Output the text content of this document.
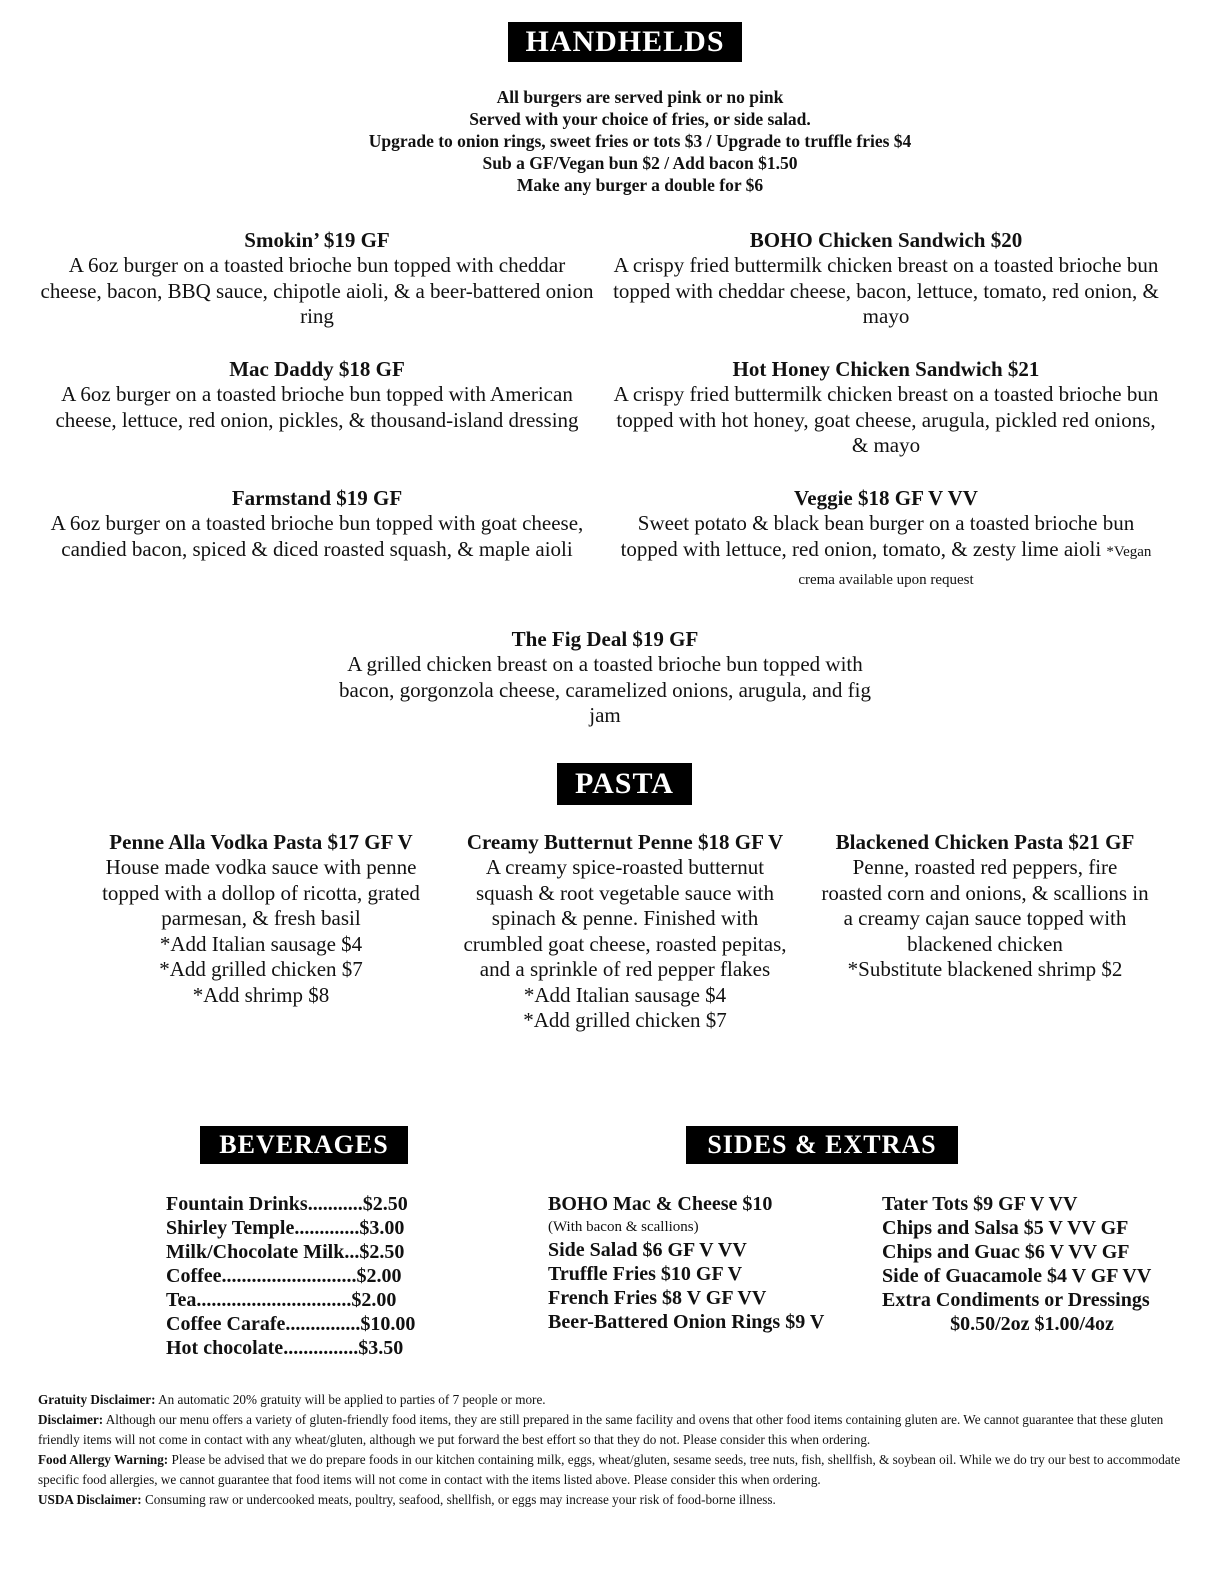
HANDHELDS
All burgers are served pink or no pink
Served with your choice of fries, or side salad.
Upgrade to onion rings, sweet fries or tots $3 / Upgrade to truffle fries $4
Sub a GF/Vegan bun $2 / Add bacon $1.50
Make any burger a double for $6
Smokin’ $19 GF
A 6oz burger on a toasted brioche bun topped with cheddar cheese, bacon, BBQ sauce, chipotle aioli, & a beer-battered onion ring
BOHO Chicken Sandwich $20
A crispy fried buttermilk chicken breast on a toasted brioche bun topped with cheddar cheese, bacon, lettuce, tomato, red onion, & mayo
Mac Daddy $18 GF
A 6oz burger on a toasted brioche bun topped with American cheese, lettuce, red onion, pickles, & thousand-island dressing
Hot Honey Chicken Sandwich $21
A crispy fried buttermilk chicken breast on a toasted brioche bun topped with hot honey, goat cheese, arugula, pickled red onions, & mayo
Farmstand $19 GF
A 6oz burger on a toasted brioche bun topped with goat cheese, candied bacon, spiced & diced roasted squash, & maple aioli
Veggie $18 GF V VV
Sweet potato & black bean burger on a toasted brioche bun topped with lettuce, red onion, tomato, & zesty lime aioli *Vegan crema available upon request
The Fig Deal $19 GF
A grilled chicken breast on a toasted brioche bun topped with bacon, gorgonzola cheese, caramelized onions, arugula, and fig jam
PASTA
Penne Alla Vodka Pasta $17 GF V
House made vodka sauce with penne topped with a dollop of ricotta, grated parmesan, & fresh basil
*Add Italian sausage $4
*Add grilled chicken $7
*Add shrimp $8
Creamy Butternut Penne $18 GF V
A creamy spice-roasted butternut squash & root vegetable sauce with spinach & penne. Finished with crumbled goat cheese, roasted pepitas, and a sprinkle of red pepper flakes
*Add Italian sausage $4
*Add grilled chicken $7
Blackened Chicken Pasta $21 GF
Penne, roasted red peppers, fire roasted corn and onions, & scallions in a creamy cajan sauce topped with blackened chicken
*Substitute blackened shrimp $2
BEVERAGES	SIDES & EXTRAS
Fountain Drinks...........$2.50
Shirley Temple.............$3.00
Milk/Chocolate Milk...$2.50
Coffee...........................$2.00
Tea...............................$2.00
Coffee Carafe...............$10.00
Hot chocolate...............$3.50
BOHO Mac & Cheese $10
(With bacon & scallions)
Side Salad $6 GF V VV
Truffle Fries $10 GF V
French Fries $8 V GF VV
Beer-Battered Onion Rings $9 V
Tater Tots $9 GF V VV
Chips and Salsa $5 V VV GF
Chips and Guac $6 V VV GF
Side of Guacamole $4 V GF VV
Extra Condiments or Dressings
$0.50/2oz $1.00/4oz
Gratuity Disclaimer: An automatic 20% gratuity will be applied to parties of 7 people or more.
Disclaimer: Although our menu offers a variety of gluten-friendly food items, they are still prepared in the same facility and ovens that other food items containing gluten are. We cannot guarantee that these gluten friendly items will not come in contact with any wheat/gluten, although we put forward the best effort so that they do not. Please consider this when ordering.
Food Allergy Warning: Please be advised that we do prepare foods in our kitchen containing milk, eggs, wheat/gluten, sesame seeds, tree nuts, fish, shellfish, & soybean oil. While we do try our best to accommodate specific food allergies, we cannot guarantee that food items will not come in contact with the items listed above. Please consider this when ordering.
USDA Disclaimer: Consuming raw or undercooked meats, poultry, seafood, shellfish, or eggs may increase your risk of food-borne illness.
